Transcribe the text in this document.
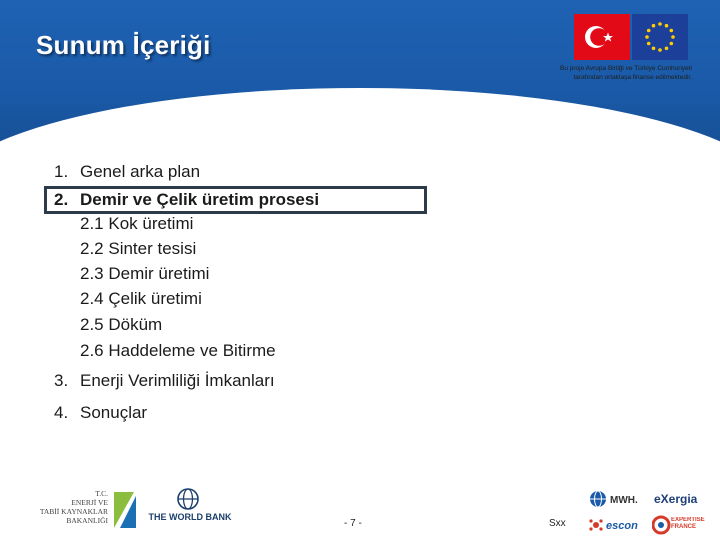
Sunum İçeriği
Bu proje Avrupa Birliği ve Türkiye Cumhuriyeti
tarafından ortaklaşa finanse edilmektedir.
1. Genel arka plan
2. Demir ve Çelik üretim prosesi
2.1 Kok üretimi
2.2 Sinter tesisi
2.3 Demir üretimi
2.4 Çelik üretimi
2.5 Döküm
2.6 Haddeleme ve Bitirme
3. Enerji Verimliliği İmkanları
4. Sonuçlar
T.C.
ENERJİ VE
TABİİ KAYNAKLAR
BAKANLIĞI	THE WORLD BANK
- 7 -	Sxx
MWH. eXergia
escon	EXPERTISE FRANCE
